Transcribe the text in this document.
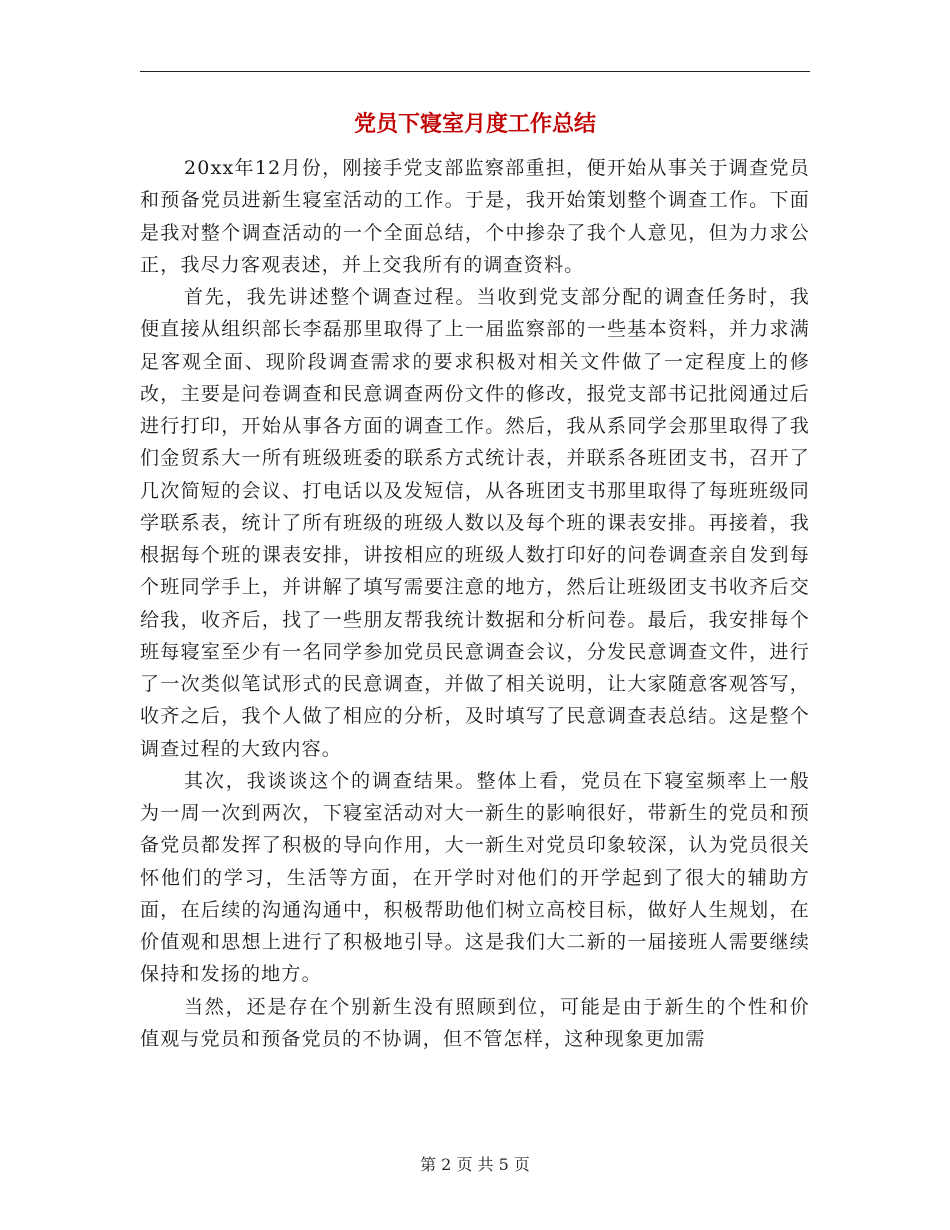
党员下寝室月度工作总结

20xx年12月份，刚接手党支部监察部重担，便开始从事关于调查党员和预备党员进新生寝室活动的工作。于是，我开始策划整个调查工作。下面是我对整个调查活动的一个全面总结，个中掺杂了我个人意见，但为力求公正，我尽力客观表述，并上交我所有的调查资料。

首先，我先讲述整个调查过程。当收到党支部分配的调查任务时，我便直接从组织部长李磊那里取得了上一届监察部的一些基本资料，并力求满足客观全面、现阶段调查需求的要求积极对相关文件做了一定程度上的修改，主要是问卷调查和民意调查两份文件的修改，报党支部书记批阅通过后进行打印，开始从事各方面的调查工作。然后，我从系同学会那里取得了我们金贸系大一所有班级班委的联系方式统计表，并联系各班团支书，召开了几次简短的会议、打电话以及发短信，从各班团支书那里取得了每班班级同学联系表，统计了所有班级的班级人数以及每个班的课表安排。再接着，我根据每个班的课表安排，讲按相应的班级人数打印好的问卷调查亲自发到每个班同学手上，并讲解了填写需要注意的地方，然后让班级团支书收齐后交给我，收齐后，找了一些朋友帮我统计数据和分析问卷。最后，我安排每个班每寝室至少有一名同学参加党员民意调查会议，分发民意调查文件，进行了一次类似笔试形式的民意调查，并做了相关说明，让大家随意客观答写，收齐之后，我个人做了相应的分析，及时填写了民意调查表总结。这是整个调查过程的大致内容。

其次，我谈谈这个的调查结果。整体上看，党员在下寝室频率上一般为一周一次到两次，下寝室活动对大一新生的影响很好，带新生的党员和预备党员都发挥了积极的导向作用，大一新生对党员印象较深，认为党员很关怀他们的学习，生活等方面，在开学时对他们的开学起到了很大的辅助方面，在后续的沟通沟通中，积极帮助他们树立高校目标，做好人生规划，在价值观和思想上进行了积极地引导。这是我们大二新的一届接班人需要继续保持和发扬的地方。

当然，还是存在个别新生没有照顾到位，可能是由于新生的个性和价值观与党员和预备党员的不协调，但不管怎样，这种现象更加需

第 2 页 共 5 页
